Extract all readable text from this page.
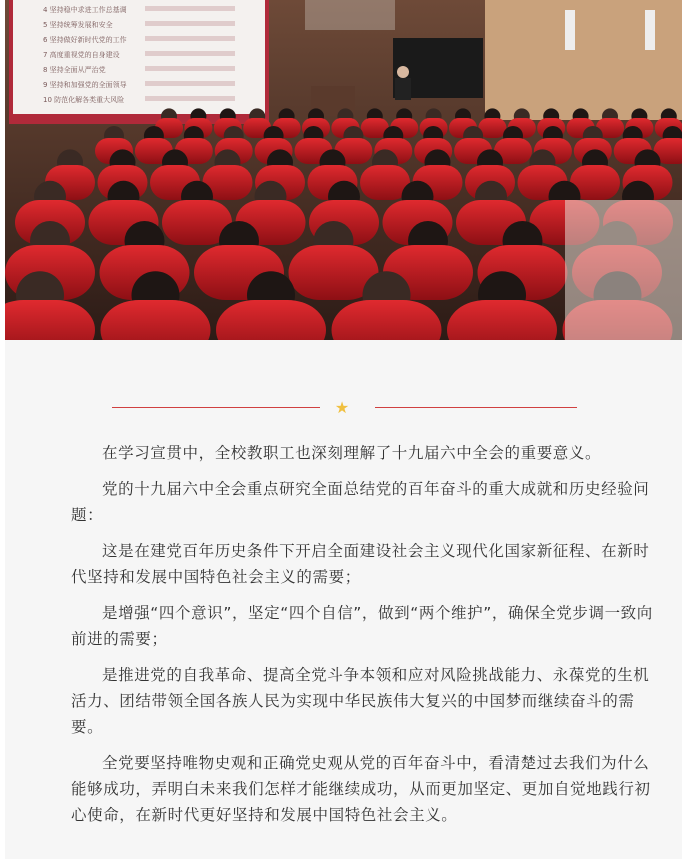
4 坚持稳中求进工作总基调
5 坚持统筹发展和安全
6 坚持做好新时代党的工作
7 高度重视党的自身建设
8 坚持全面从严治党
9 坚持和加强党的全面领导
10 防范化解各类重大风险
★

在学习宣贯中，全校教职工也深刻理解了十九届六中全会的重要意义。

党的十九届六中全会重点研究全面总结党的百年奋斗的重大成就和历史经验问题：

这是在建党百年历史条件下开启全面建设社会主义现代化国家新征程、在新时代坚持和发展中国特色社会主义的需要；

是增强“四个意识”，坚定“四个自信”，做到“两个维护”，确保全党步调一致向前进的需要；

是推进党的自我革命、提高全党斗争本领和应对风险挑战能力、永葆党的生机活力、团结带领全国各族人民为实现中华民族伟大复兴的中国梦而继续奋斗的需要。

全党要坚持唯物史观和正确党史观从党的百年奋斗中，看清楚过去我们为什么能够成功，弄明白未来我们怎样才能继续成功，从而更加坚定、更加自觉地践行初心使命，在新时代更好坚持和发展中国特色社会主义。
